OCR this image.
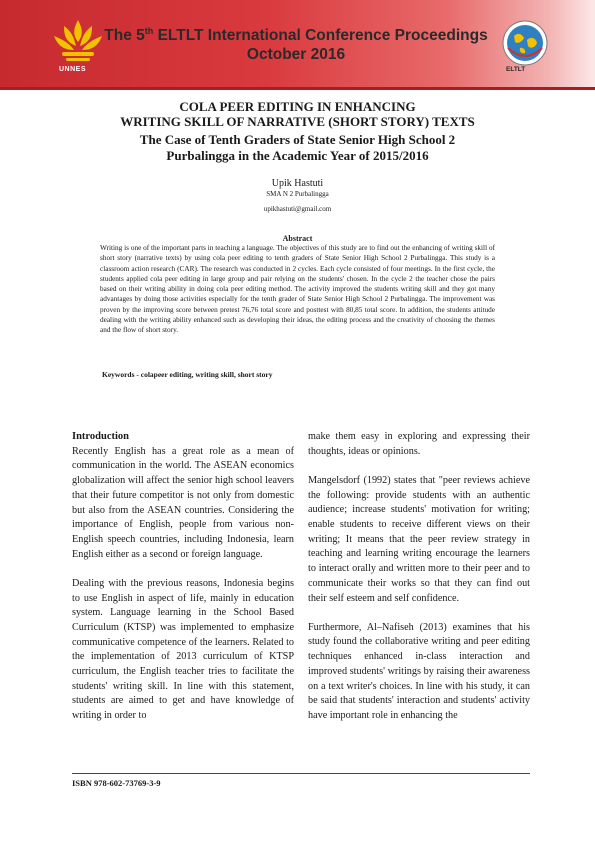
UNNES
The 5th ELTLT International Conference Proceedings
October 2016
ELTLT
COLA PEER EDITING IN ENHANCING
WRITING SKILL OF NARRATIVE (SHORT STORY) TEXTS
The Case of Tenth Graders of State Senior High School 2
Purbalingga in the Academic Year of 2015/2016
Upik Hastuti
SMA N 2 Purbalingga
upikhastuti@gmail.com
Abstract
Writing is one of the important parts in teaching a language. The objectives of this study are to find out the enhancing of writing skill of short story (narrative texts) by using cola peer editing to tenth graders of State Senior High School 2 Purbalingga. This study is a classroom action research (CAR). The research was conducted in 2 cycles. Each cycle consisted of four meetings. In the first cycle, the students applied cola peer editing in large group and pair relying on the students' chosen. In the cycle 2 the teacher chose the pairs based on their writing ability in doing cola peer editing method. The activity improved the students writing skill and they got many advantages by doing those activities especially for the tenth grader of State Senior High School 2 Purbalingga. The improvement was proven by the improving score between pretest 76,76 total score and posttest with 80,85 total score. In addition, the students attitude dealing with the writing ability enhanced such as developing their ideas, the editing process and the creativity of choosing the themes and the flow of short story.
Keywords - colapeer editing, writing skill, short story
Introduction

Recently English has a great role as a mean of communication in the world. The ASEAN economics globalization will affect the senior high school leavers that their future competitor is not only from domestic but also from the ASEAN countries. Considering the importance of English, people from various non-English speech countries, including Indonesia, learn English either as a second or foreign language.

Dealing with the previous reasons, Indonesia begins to use English in aspect of life, mainly in education system. Language learning in the School Based Curriculum (KTSP) was implemented to emphasize communicative competence of the learners. Related to the implementation of 2013 curriculum of KTSP curriculum, the English teacher tries to facilitate the students' writing skill. In line with this statement, students are aimed to get and have knowledge of writing in order to

make them easy in exploring and expressing their thoughts, ideas or opinions.

Mangelsdorf (1992) states that "peer reviews achieve the following: provide students with an authentic audience; increase students' motivation for writing; enable students to receive different views on their writing; It means that the peer review strategy in teaching and learning writing encourage the learners to interact orally and written more to their peer and to communicate their works so that they can find out their self esteem and self confidence.

Furthermore, Al–Nafiseh (2013) examines that his study found the collaborative writing and peer editing techniques enhanced in-class interaction and improved students' writings by raising their awareness on a text writer's choices. In line with his study, it can be said that students' interaction and students' activity have important role in enhancing the

ISBN 978-602-73769-3-9
